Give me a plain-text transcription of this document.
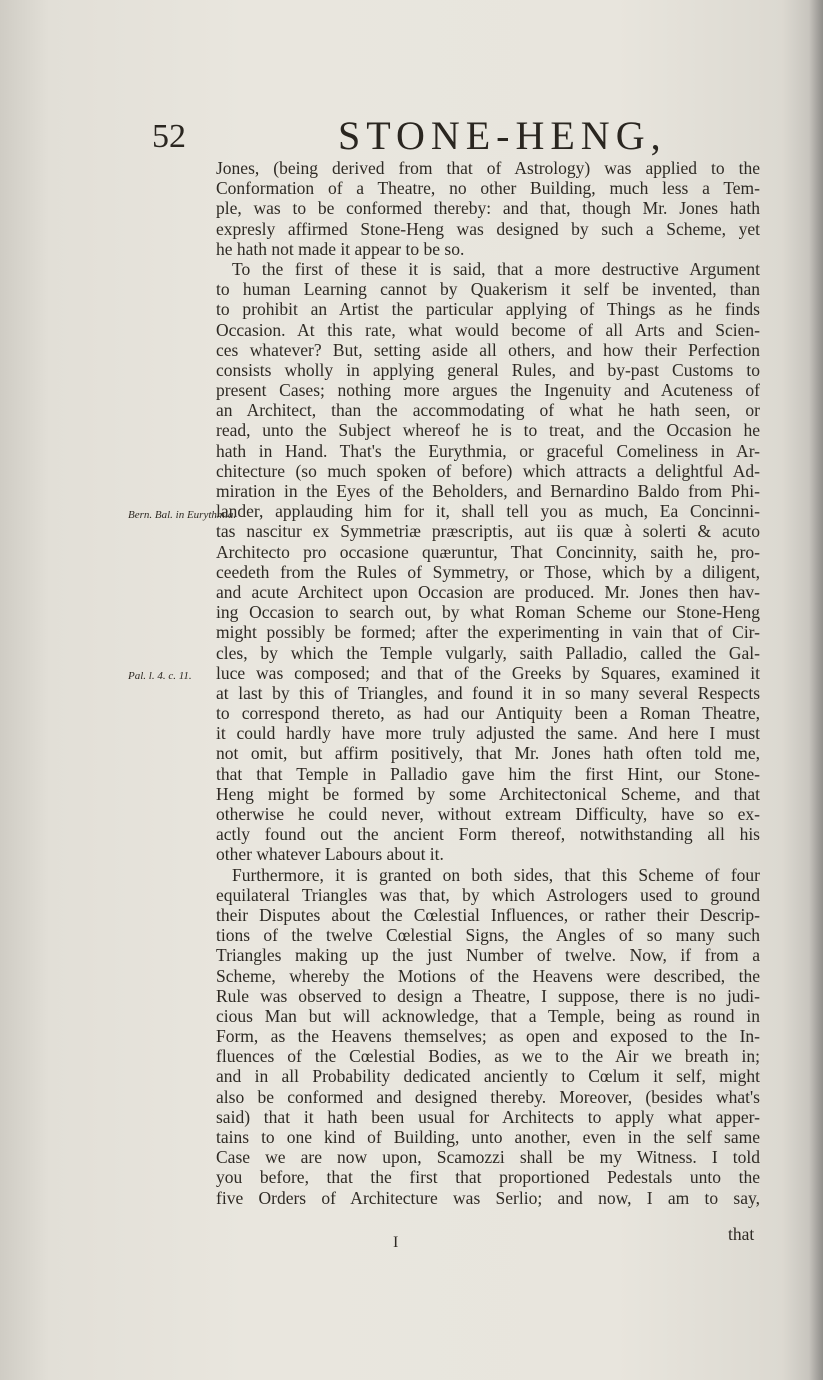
52	STONE-HENG,
Bern. Bal. in Eurythmia.
Pal. l. 4. c. 11.
Jones, (being derived from that of Astrology) was applied to the
Conformation of a Theatre, no other Building, much less a Tem-
ple, was to be conformed thereby: and that, though Mr. Jones hath
expresly affirmed Stone-Heng was designed by such a Scheme, yet
he hath not made it appear to be so.
To the first of these it is said, that a more destructive Argument
to human Learning cannot by Quakerism it self be invented, than
to prohibit an Artist the particular applying of Things as he finds
Occasion. At this rate, what would become of all Arts and Scien-
ces whatever? But, setting aside all others, and how their Perfection
consists wholly in applying general Rules, and by-past Customs to
present Cases; nothing more argues the Ingenuity and Acuteness of
an Architect, than the accommodating of what he hath seen, or
read, unto the Subject whereof he is to treat, and the Occasion he
hath in Hand. That's the Eurythmia, or graceful Comeliness in Ar-
chitecture (so much spoken of before) which attracts a delightful Ad-
miration in the Eyes of the Beholders, and Bernardino Baldo from Phi-
lander, applauding him for it, shall tell you as much, Ea Concinni-
tas nascitur ex Symmetriæ præscriptis, aut iis quæ à solerti & acuto
Architecto pro occasione quæruntur, That Concinnity, saith he, pro-
ceedeth from the Rules of Symmetry, or Those, which by a diligent,
and acute Architect upon Occasion are produced. Mr. Jones then hav-
ing Occasion to search out, by what Roman Scheme our Stone-Heng
might possibly be formed; after the experimenting in vain that of Cir-
cles, by which the Temple vulgarly, saith Palladio, called the Gal-
luce was composed; and that of the Greeks by Squares, examined it
at last by this of Triangles, and found it in so many several Respects
to correspond thereto, as had our Antiquity been a Roman Theatre,
it could hardly have more truly adjusted the same. And here I must
not omit, but affirm positively, that Mr. Jones hath often told me,
that that Temple in Palladio gave him the first Hint, our Stone-
Heng might be formed by some Architectonical Scheme, and that
otherwise he could never, without extream Difficulty, have so ex-
actly found out the ancient Form thereof, notwithstanding all his
other whatever Labours about it.
Furthermore, it is granted on both sides, that this Scheme of four
equilateral Triangles was that, by which Astrologers used to ground
their Disputes about the Cœlestial Influences, or rather their Descrip-
tions of the twelve Cœlestial Signs, the Angles of so many such
Triangles making up the just Number of twelve. Now, if from a
Scheme, whereby the Motions of the Heavens were described, the
Rule was observed to design a Theatre, I suppose, there is no judi-
cious Man but will acknowledge, that a Temple, being as round in
Form, as the Heavens themselves; as open and exposed to the In-
fluences of the Cœlestial Bodies, as we to the Air we breath in;
and in all Probability dedicated anciently to Cœlum it self, might
also be conformed and designed thereby. Moreover, (besides what's
said) that it hath been usual for Architects to apply what apper-
tains to one kind of Building, unto another, even in the self same
Case we are now upon, Scamozzi shall be my Witness. I told
you before, that the first that proportioned Pedestals unto the
five Orders of Architecture was Serlio; and now, I am to say,
I	that
